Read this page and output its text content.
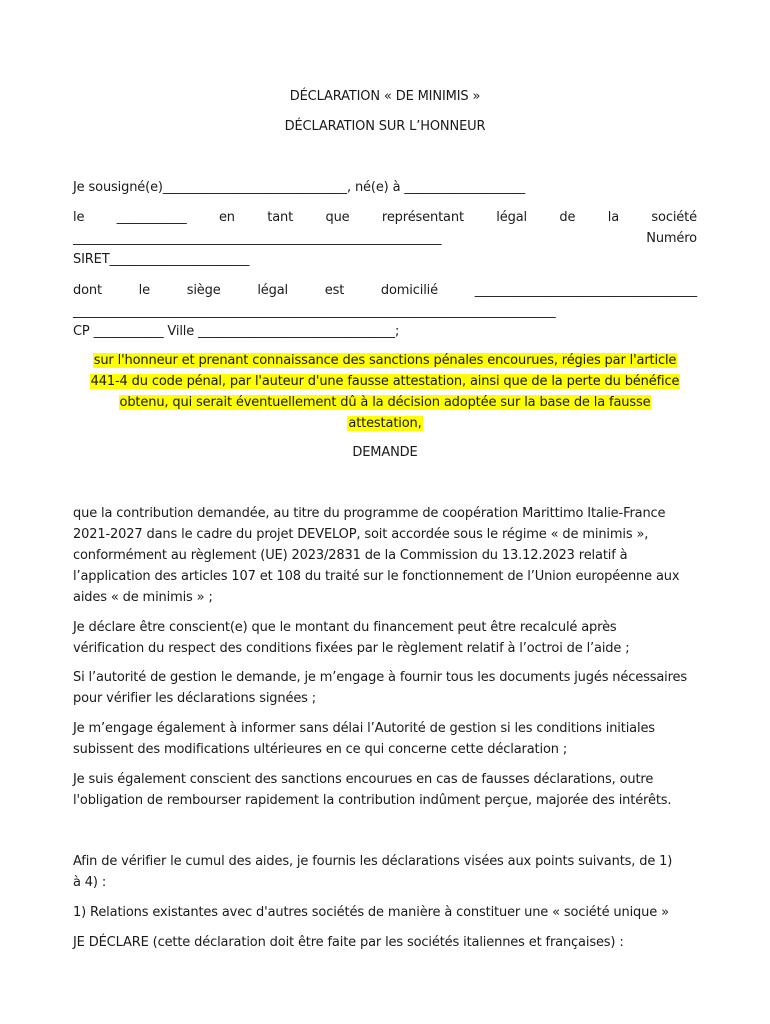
DÉCLARATION « DE MINIMIS »
DÉCLARATION SUR L’HONNEUR
Je sousigné(e)_____________________________, né(e) à ___________________
le ___________ en tant que représentant légal de la société
__________________________________________________________	Numéro
SIRET______________________
dont	le	siège	légal	est	domicilié	___________________________________
____________________________________________________________________________
CP ___________ Ville _______________________________;
sur l'honneur et prenant connaissance des sanctions pénales encourues, régies par l'article
441-4 du code pénal, par l'auteur d'une fausse attestation, ainsi que de la perte du bénéfice
obtenu, qui serait éventuellement dû à la décision adoptée sur la base de la fausse
attestation,
DEMANDE
que la contribution demandée, au titre du programme de coopération Marittimo Italie-France
2021-2027 dans le cadre du projet DEVELOP, soit accordée sous le régime « de minimis »,
conformément au règlement (UE) 2023/2831 de la Commission du 13.12.2023 relatif à
l’application des articles 107 et 108 du traité sur le fonctionnement de l’Union européenne aux
aides « de minimis » ;
Je déclare être conscient(e) que le montant du financement peut être recalculé après
vérification du respect des conditions fixées par le règlement relatif à l’octroi de l’aide ;
Si l’autorité de gestion le demande, je m’engage à fournir tous les documents jugés nécessaires
pour vérifier les déclarations signées ;
Je m’engage également à informer sans délai l’Autorité de gestion si les conditions initiales
subissent des modifications ultérieures en ce qui concerne cette déclaration ;
Je suis également conscient des sanctions encourues en cas de fausses déclarations, outre
l'obligation de rembourser rapidement la contribution indûment perçue, majorée des intérêts.
Afin de vérifier le cumul des aides, je fournis les déclarations visées aux points suivants, de 1)
à 4) :
1) Relations existantes avec d'autres sociétés de manière à constituer une « société unique »
JE DÉCLARE (cette déclaration doit être faite par les sociétés italiennes et françaises) :
